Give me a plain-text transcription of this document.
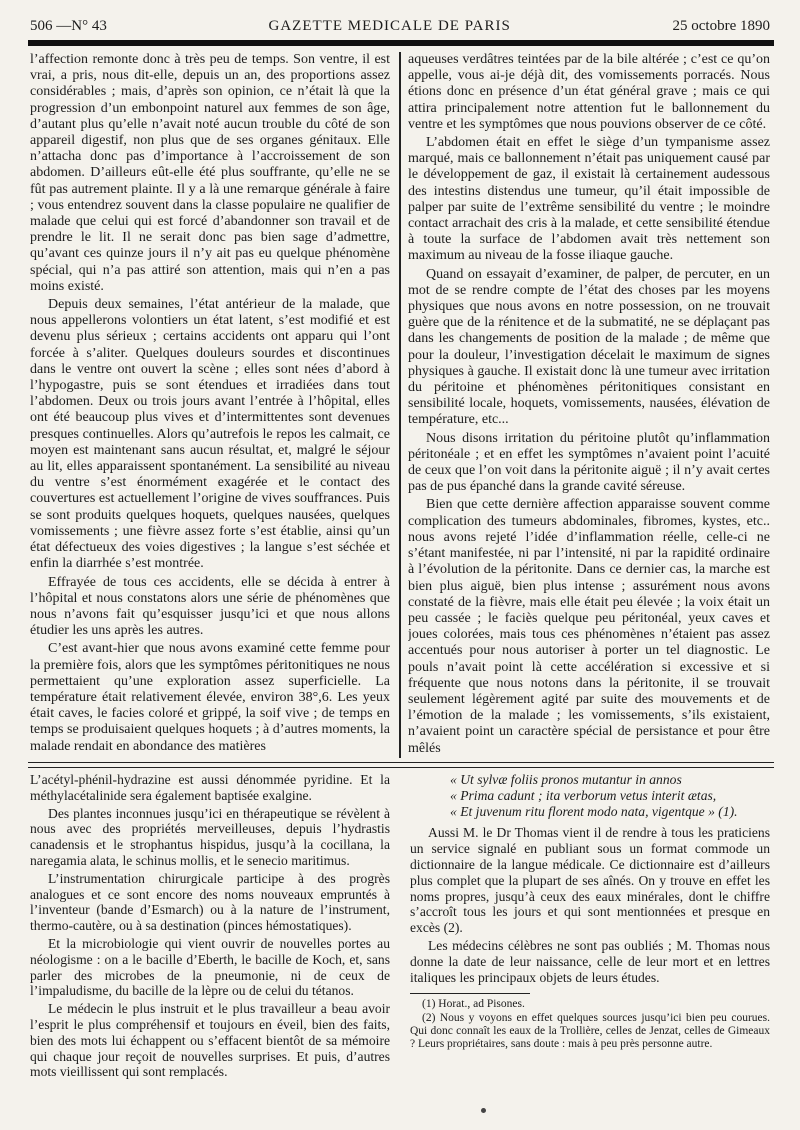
506 —N° 43	GAZETTE MEDICALE DE PARIS	25 octobre 1890

l’affection remonte donc à très peu de temps. Son ventre, il est vrai, a pris, nous dit-elle, depuis un an, des proportions assez considérables ; mais, d’après son opinion, ce n’était là que la progression d’un embonpoint naturel aux femmes de son âge, d’autant plus qu’elle n’avait noté aucun trouble du côté de son appareil digestif, non plus que de ses organes génitaux. Elle n’attacha donc pas d’importance à l’accroissement de son abdomen. D’ailleurs eût-elle été plus souffrante, qu’elle ne se fût pas autrement plainte. Il y a là une remarque générale à faire ; vous entendrez souvent dans la classe populaire ne qualifier de malade que celui qui est forcé d’abandonner son travail et de prendre le lit. Il ne serait donc pas bien sage d’admettre, qu’avant ces quinze jours il n’y ait pas eu quelque phénomène spécial, qui n’a pas attiré son attention, mais qui n’en a pas moins existé.

Depuis deux semaines, l’état antérieur de la malade, que nous appellerons volontiers un état latent, s’est modifié et est devenu plus sérieux ; certains accidents ont apparu qui l’ont forcée à s’aliter. Quelques douleurs sourdes et discontinues dans le ventre ont ouvert la scène ; elles sont nées d’abord à l’hypogastre, puis se sont étendues et irradiées dans tout l’abdomen. Deux ou trois jours avant l’entrée à l’hôpital, elles ont été beaucoup plus vives et d’intermittentes sont devenues presques continuelles. Alors qu’autrefois le repos les calmait, ce moyen est maintenant sans aucun résultat, et, malgré le séjour au lit, elles apparaissent spontanément. La sensibilité au niveau du ventre s’est énormément exagérée et le contact des couvertures est actuellement l’origine de vives souffrances. Puis se sont produits quelques hoquets, quelques nausées, quelques vomissements ; une fièvre assez forte s’est établie, ainsi qu’un état défectueux des voies digestives ; la langue s’est séchée et enfin la diarrhée s’est montrée.

Effrayée de tous ces accidents, elle se décida à entrer à l’hôpital et nous constatons alors une série de phénomènes que nous n’avons fait qu’esquisser jusqu’ici et que nous allons étudier les uns après les autres.

C’est avant-hier que nous avons examiné cette femme pour la première fois, alors que les symptômes péritonitiques ne nous permettaient qu’une exploration assez superficielle. La température était relativement élevée, environ 38°,6. Les yeux était caves, le facies coloré et grippé, la soif vive ; de temps en temps se produisaient quelques hoquets ; à d’autres moments, la malade rendait en abondance des matières

aqueuses verdâtres teintées par de la bile altérée ; c’est ce qu’on appelle, vous ai-je déjà dit, des vomissements porracés. Nous étions donc en présence d’un état général grave ; mais ce qui attira principalement notre attention fut le ballonnement du ventre et les symptômes que nous pouvions observer de ce côté.

L’abdomen était en effet le siège d’un tympanisme assez marqué, mais ce ballonnement n’était pas uniquement causé par le développement de gaz, il existait là certainement audessous des intestins distendus une tumeur, qu’il était impossible de palper par suite de l’extrême sensibilité du ventre ; le moindre contact arrachait des cris à la malade, et cette sensibilité étendue à toute la surface de l’abdomen avait très nettement son maximum au niveau de la fosse iliaque gauche.

Quand on essayait d’examiner, de palper, de percuter, en un mot de se rendre compte de l’état des choses par les moyens physiques que nous avons en notre possession, on ne trouvait guère que de la rénitence et de la submatité, ne se déplaçant pas dans les changements de position de la malade ; de même que pour la douleur, l’investigation décelait le maximum de signes physiques à gauche. Il existait donc là une tumeur avec irritation du péritoine et phénomènes péritonitiques consistant en sensibilité locale, hoquets, vomissements, nausées, élévation de température, etc...

Nous disons irritation du péritoine plutôt qu’inflammation péritonéale ; et en effet les symptômes n’avaient point l’acuité de ceux que l’on voit dans la péritonite aiguë ; il n’y avait certes pas de pus épanché dans la grande cavité séreuse.

Bien que cette dernière affection apparaisse souvent comme complication des tumeurs abdominales, fibromes, kystes, etc.. nous avons rejeté l’idée d’inflammation réelle, celle-ci ne s’étant manifestée, ni par l’intensité, ni par la rapidité ordinaire à l’évolution de la péritonite. Dans ce dernier cas, la marche est bien plus aiguë, bien plus intense ; assurément nous avons constaté de la fièvre, mais elle était peu élevée ; la voix était un peu cassée ; le faciès quelque peu péritonéal, yeux caves et joues colorées, mais tous ces phénomènes n’étaient pas assez accentués pour nous autoriser à porter un tel diagnostic. Le pouls n’avait point là cette accélération si excessive et si fréquente que nous notons dans la péritonite, il se trouvait seulement légèrement agité par suite des mouvements et de l’émotion de la malade ; les vomissements, s’ils existaient, n’avaient point un caractère spécial de persistance et pour être mêlés

L’acétyl-phénil-hydrazine est aussi dénommée pyridine. Et la méthylacétalinide sera également baptisée exalgine.

Des plantes inconnues jusqu’ici en thérapeutique se révèlent à nous avec des propriétés merveilleuses, depuis l’hydrastis canadensis et le strophantus hispidus, jusqu’à la cocillana, la naregamia alata, le schinus mollis, et le senecio maritimus.

L’instrumentation chirurgicale participe à des progrès analogues et ce sont encore des noms nouveaux empruntés à l’inventeur (bande d’Esmarch) ou à la nature de l’instrument, thermo-cautère, ou à sa destination (pinces hémostatiques).

Et la microbiologie qui vient ouvrir de nouvelles portes au néologisme : on a le bacille d’Eberth, le bacille de Koch, et, sans parler des microbes de la pneumonie, ni de ceux de l’impaludisme, du bacille de la lèpre ou de celui du tétanos.

Le médecin le plus instruit et le plus travailleur a beau avoir l’esprit le plus compréhensif et toujours en éveil, bien des faits, bien des mots lui échappent ou s’effacent bientôt de sa mémoire qui chaque jour reçoit de nouvelles surprises. Et puis, d’autres mots vieillissent qui sont remplacés.

« Ut sylvæ foliis pronos mutantur in annos

« Prima cadunt ; ita verborum vetus interit ætas,

« Et juvenum ritu florent modo nata, vigentque » (1).

Aussi M. le Dr Thomas vient il de rendre à tous les praticiens un service signalé en publiant sous un format commode un dictionnaire de la langue médicale. Ce dictionnaire est d’ailleurs plus complet que la plupart de ses aînés. On y trouve en effet les noms propres, jusqu’à ceux des eaux minérales, dont le chiffre s’accroît tous les jours et qui sont mentionnées et presque en excès (2).

Les médecins célèbres ne sont pas oubliés ; M. Thomas nous donne la date de leur naissance, celle de leur mort et en lettres italiques les principaux objets de leurs études.

(1) Horat., ad Pisones.

(2) Nous y voyons en effet quelques sources jusqu’ici bien peu courues. Qui donc connaît les eaux de la Trollière, celles de Jenzat, celles de Gimeaux ? Leurs propriétaires, sans doute : mais à peu près personne autre.
